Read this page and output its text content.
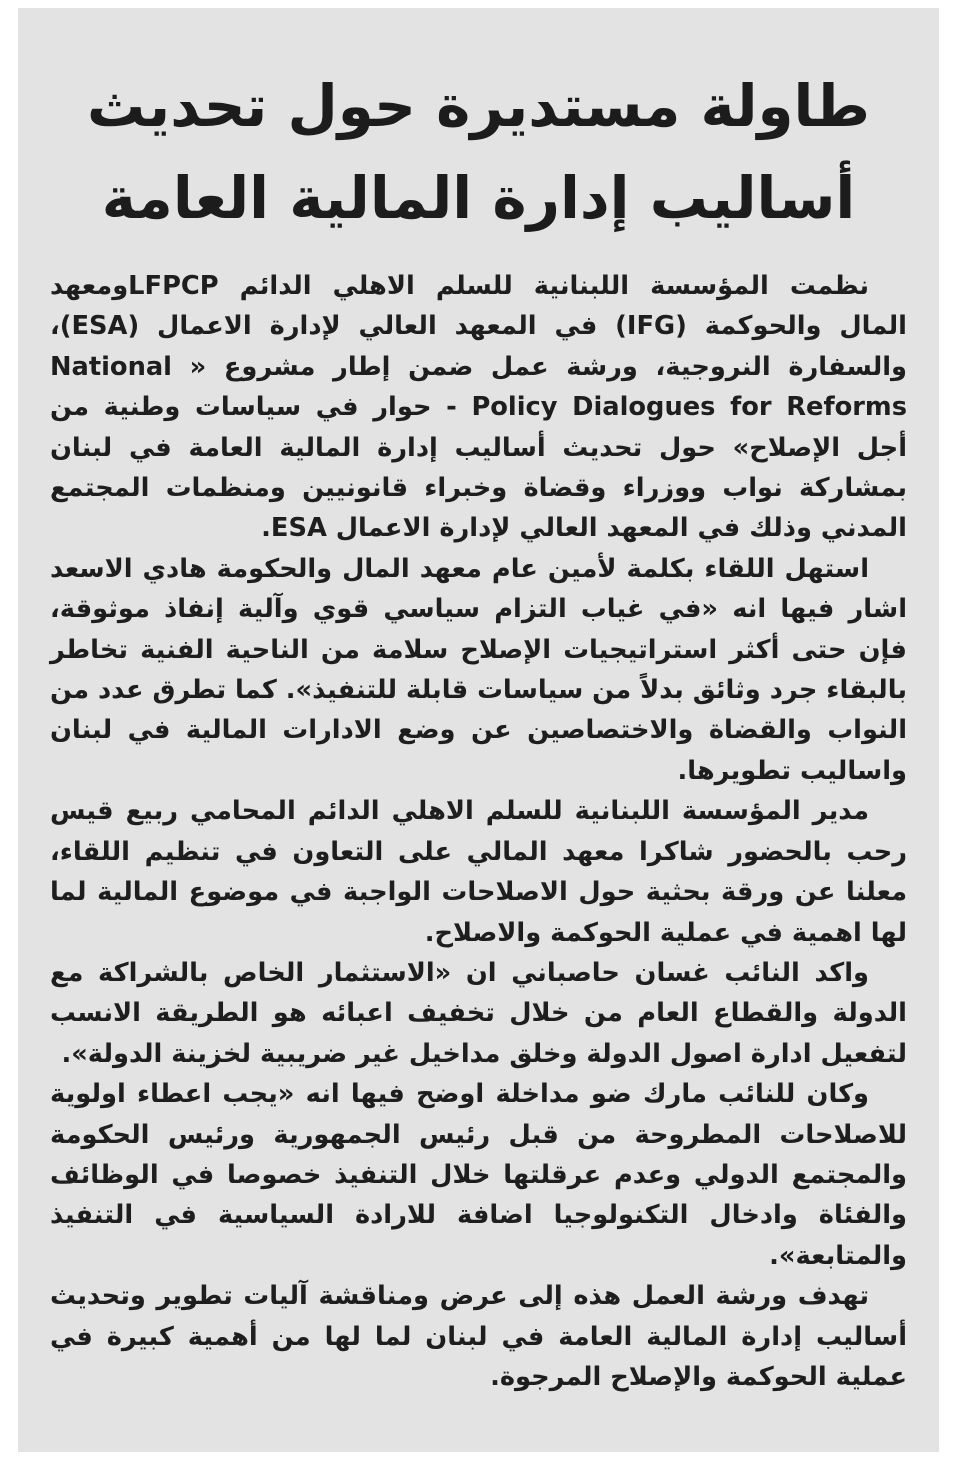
طاولة مستديرة حول تحديث
أساليب إدارة المالية العامة

نظمت المؤسسة اللبنانية للسلم الاهلي الدائم LFPCPومعهد المال والحوكمة (IFG) في المعهد العالي لإدارة الاعمال (ESA)، والسفارة النروجية، ورشة عمل ضمن إطار مشروع « National Policy Dialogues for Reforms - حوار في سياسات وطنية من أجل الإصلاح» حول تحديث أساليب إدارة المالية العامة في لبنان بمشاركة نواب ووزراء وقضاة وخبراء قانونيين ومنظمات المجتمع المدني وذلك في المعهد العالي لإدارة الاعمال ESA.

استهل اللقاء بكلمة لأمين عام معهد المال والحكومة هادي الاسعد اشار فيها انه «في غياب التزام سياسي قوي وآلية إنفاذ موثوقة، فإن حتى أكثر استراتيجيات الإصلاح سلامة من الناحية الفنية تخاطر بالبقاء جرد وثائق بدلاً من سياسات قابلة للتنفيذ». كما تطرق عدد من النواب والقضاة والاختصاصين عن وضع الادارات المالية في لبنان واساليب تطويرها.

مدير المؤسسة اللبنانية للسلم الاهلي الدائم المحامي ربيع قيس رحب بالحضور شاكرا معهد المالي على التعاون في تنظيم اللقاء، معلنا عن ورقة بحثية حول الاصلاحات الواجبة في موضوع المالية لما لها اهمية في عملية الحوكمة والاصلاح.

واكد النائب غسان حاصباني ان «الاستثمار الخاص بالشراكة مع الدولة والقطاع العام من خلال تخفيف اعبائه هو الطريقة الانسب لتفعيل ادارة اصول الدولة وخلق مداخيل غير ضريبية لخزينة الدولة».

وكان للنائب مارك ضو مداخلة اوضح فيها انه «يجب اعطاء اولوية للاصلاحات المطروحة من قبل رئيس الجمهورية ورئيس الحكومة والمجتمع الدولي وعدم عرقلتها خلال التنفيذ خصوصا في الوظائف والفئاة وادخال التكنولوجيا اضافة للارادة السياسية في التنفيذ والمتابعة».

تهدف ورشة العمل هذه إلى عرض ومناقشة آليات تطوير وتحديث أساليب إدارة المالية العامة في لبنان لما لها من أهمية كبيرة في عملية الحوكمة والإصلاح المرجوة.
